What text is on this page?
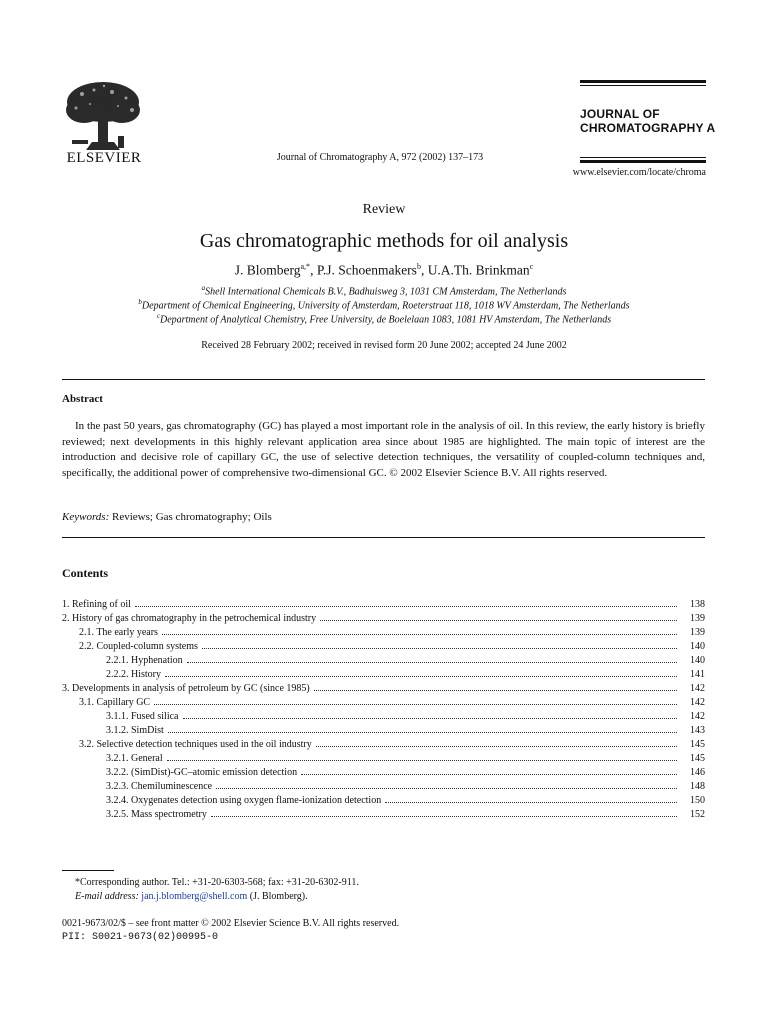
ELSEVIER	Journal of Chromatography A, 972 (2002) 137–173
JOURNAL OF
CHROMATOGRAPHY A
www.elsevier.com/locate/chroma
Review
Gas chromatographic methods for oil analysis
J. Blomberg$^{a,*}$, P.J. Schoenmakers$^b$, U.A.Th. Brinkman$^c$
$^a$Shell International Chemicals B.V., Badhuisweg 3, 1031 CM Amsterdam, The Netherlands
$^b$Department of Chemical Engineering, University of Amsterdam, Roeterstraat 118, 1018 WV Amsterdam, The Netherlands
$^c$Department of Analytical Chemistry, Free University, de Boelelaan 1083, 1081 HV Amsterdam, The Netherlands
Received 28 February 2002; received in revised form 20 June 2002; accepted 24 June 2002
Abstract
In the past 50 years, gas chromatography (GC) has played a most important role in the analysis of oil. In this review, the early history is briefly reviewed; next developments in this highly relevant application area since about 1985 are highlighted. The main topic of interest are the introduction and decisive role of capillary GC, the use of selective detection techniques, the versatility of coupled-column techniques and, specifically, the additional power of comprehensive two-dimensional GC. © 2002 Elsevier Science B.V. All rights reserved.
Keywords: Reviews; Gas chromatography; Oils
Contents
1. Refining of oil	138
2. History of gas chromatography in the petrochemical industry	139
2.1. The early years	139
2.2. Coupled-column systems	140
2.2.1. Hyphenation	140
2.2.2. History	141
3. Developments in analysis of petroleum by GC (since 1985)	142
3.1. Capillary GC	142
3.1.1. Fused silica	142
3.1.2. SimDist	143
3.2. Selective detection techniques used in the oil industry	145
3.2.1. General	145
3.2.2. (SimDist)-GC–atomic emission detection	146
3.2.3. Chemiluminescence	148
3.2.4. Oxygenates detection using oxygen flame-ionization detection	150
3.2.5. Mass spectrometry	152
*Corresponding author. Tel.: +31-20-6303-568; fax: +31-20-6302-911.
E-mail address: jan.j.blomberg@shell.com (J. Blomberg).
0021-9673/02/$ – see front matter © 2002 Elsevier Science B.V. All rights reserved.
PII: S0021-9673(02)00995-0
